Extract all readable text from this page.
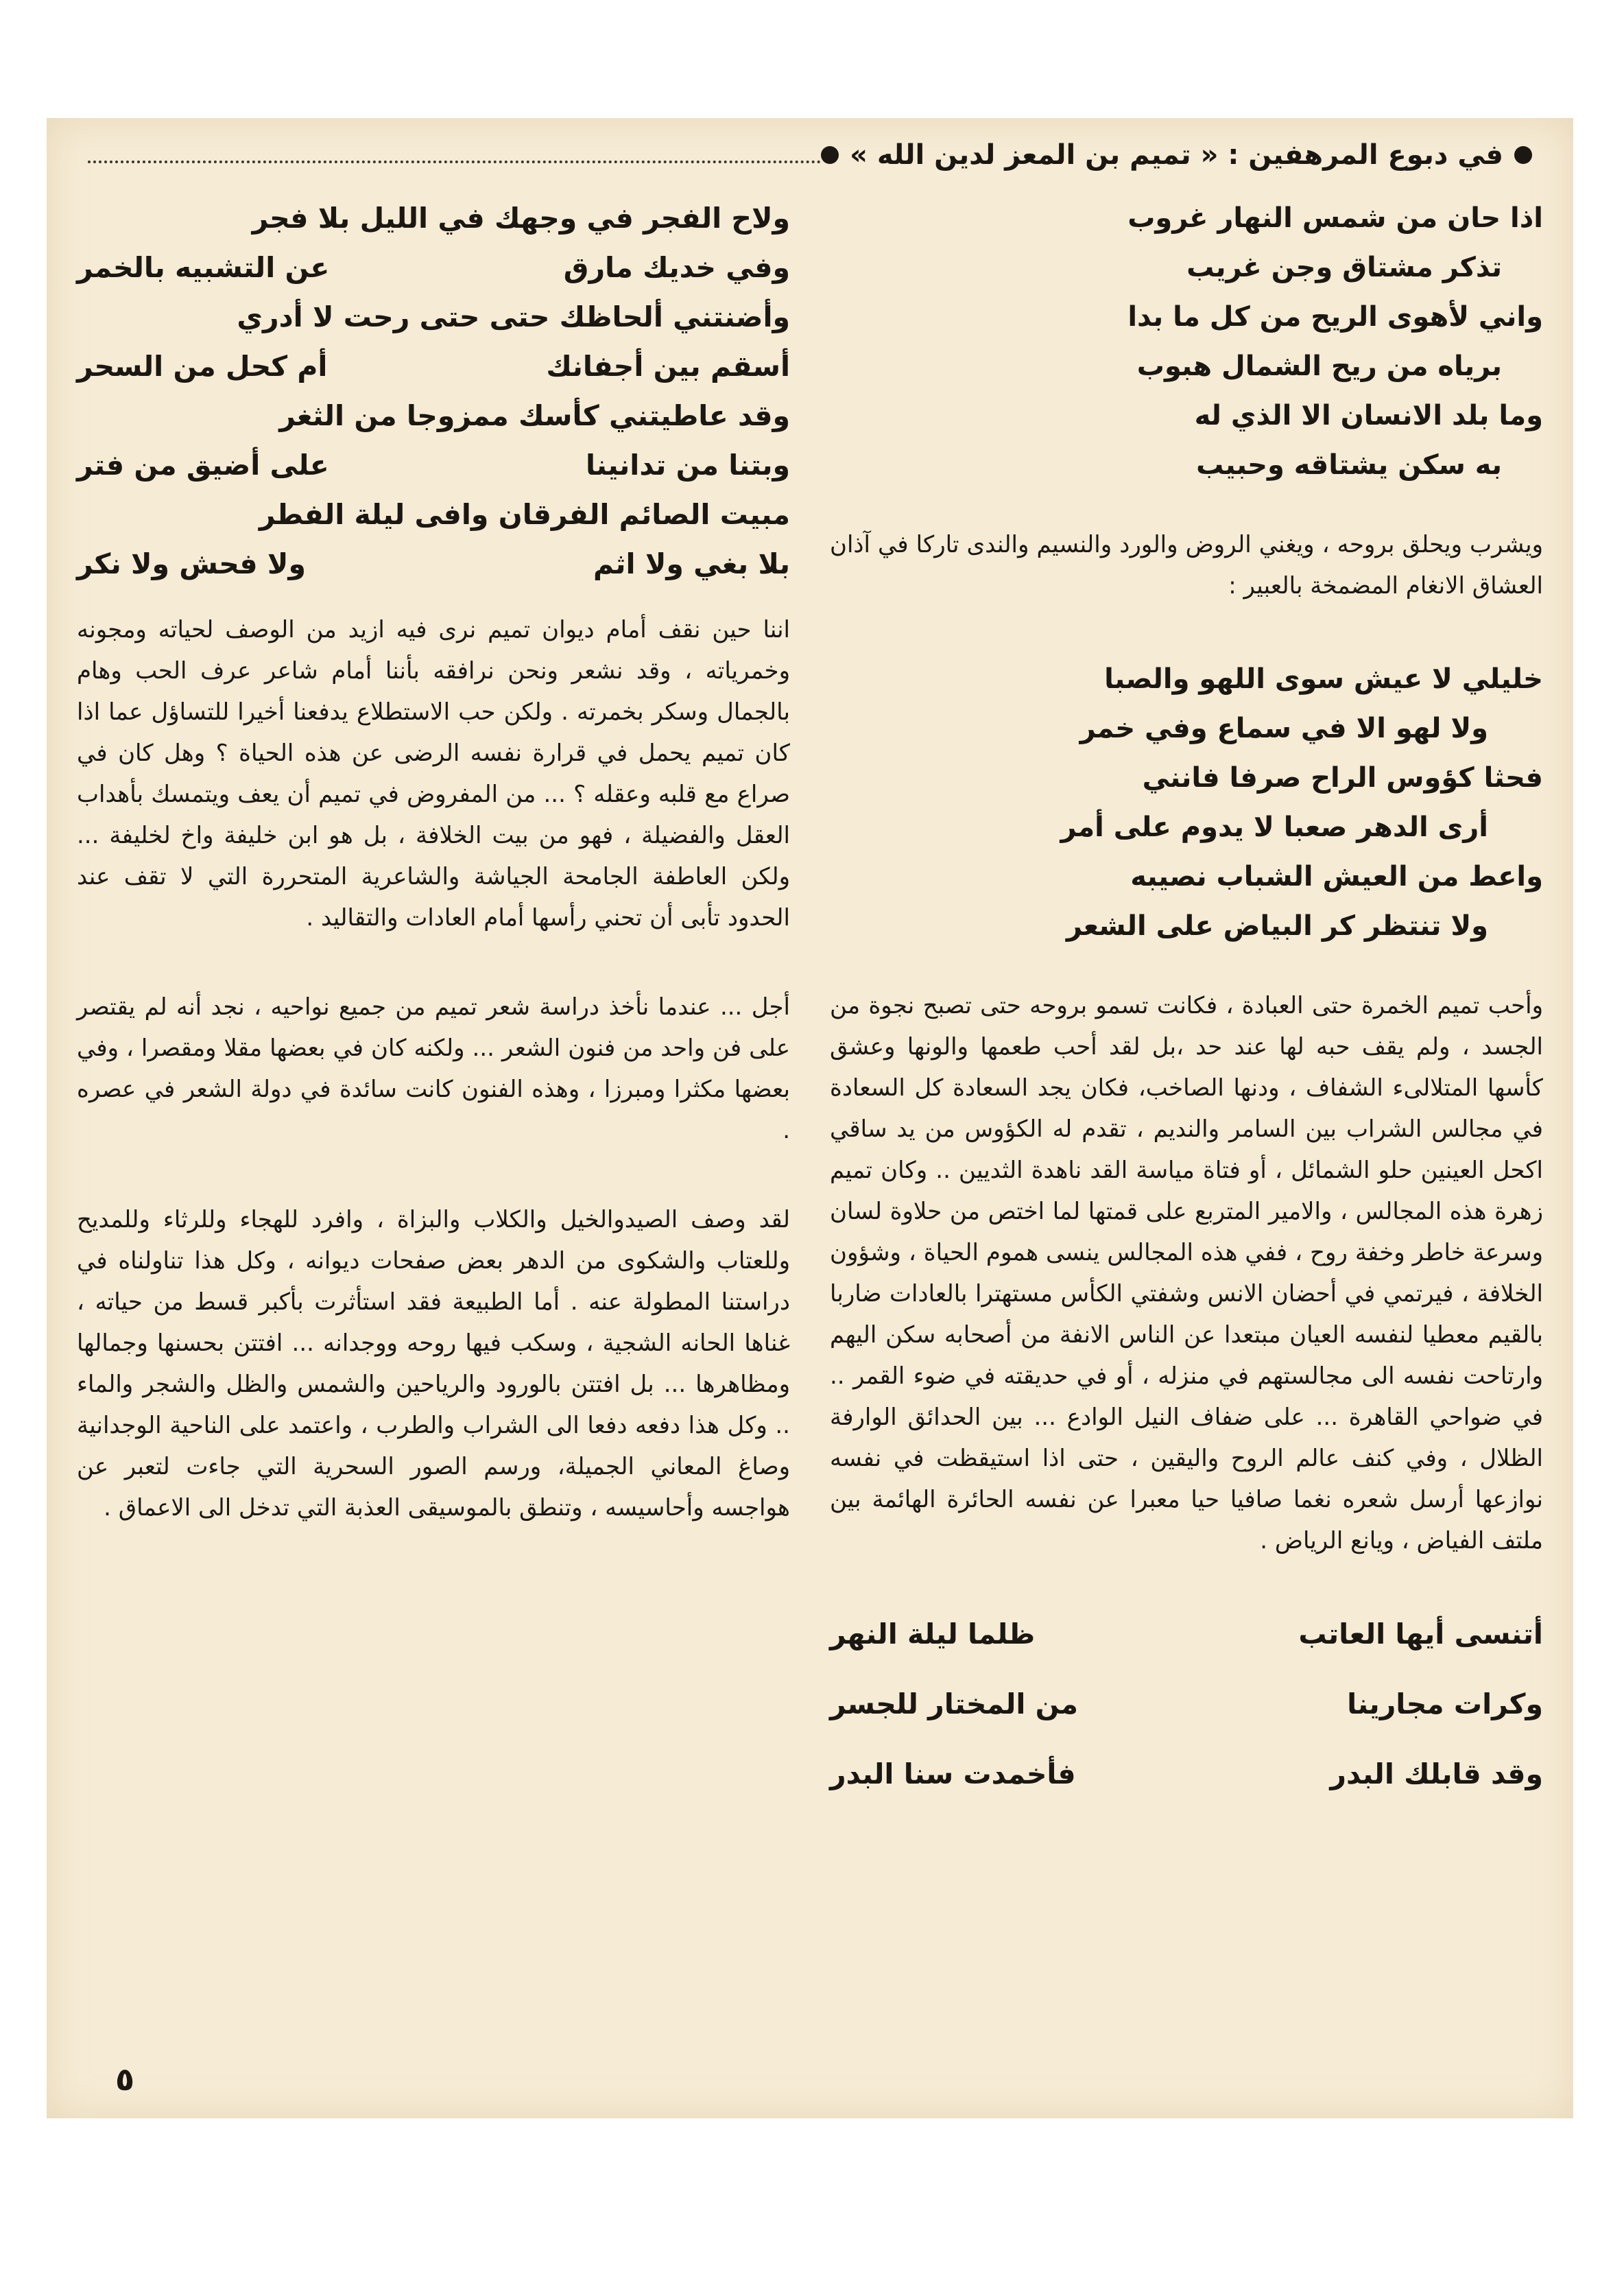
في دبوع المرهفين : « تميم بن المعز لدين الله »
اذا حان من شمس النهار غروب
تذكر مشتاق وجن غريب
واني لأهوى الريح من كل ما بدا
برياه من ريح الشمال هبوب
وما بلد الانسان الا الذي له
به سكن يشتاقه وحبيب

ويشرب ويحلق بروحه ، ويغني الروض والورد والنسيم والندى تاركا في آذان العشاق الانغام المضمخة بالعبير :

خليلي لا عيش سوى اللهو والصبا
ولا لهو الا في سماع وفي خمر
فحثا كؤوس الراح صرفا فانني
أرى الدهر صعبا لا يدوم على أمر
واعط من العيش الشباب نصيبه
ولا تنتظر كر البياض على الشعر

وأحب تميم الخمرة حتى العبادة ، فكانت تسمو بروحه حتى تصبح نجوة من الجسد ، ولم يقف حبه لها عند حد ،بل لقد أحب طعمها والونها وعشق كأسها المتلالىء الشفاف ، ودنها الصاخب، فكان يجد السعادة كل السعادة في مجالس الشراب بين السامر والنديم ، تقدم له الكؤوس من يد ساقي اكحل العينين حلو الشمائل ، أو فتاة مياسة القد ناهدة الثديين .. وكان تميم زهرة هذه المجالس ، والامير المتربع على قمتها لما اختص من حلاوة لسان وسرعة خاطر وخفة روح ، ففي هذه المجالس ينسى هموم الحياة ، وشؤون الخلافة ، فيرتمي في أحضان الانس وشفتي الكأس مستهترا بالعادات ضاربا بالقيم معطيا لنفسه العيان مبتعدا عن الناس الانفة من أصحابه سكن اليهم وارتاحت نفسه الى مجالستهم في منزله ، أو في حديقته في ضوء القمر .. في ضواحي القاهرة ... على ضفاف النيل الوادع ... بين الحدائق الوارفة الظلال ، وفي كنف عالم الروح واليقين ، حتى اذا استيقظت في نفسه نوازعها أرسل شعره نغما صافيا حيا معبرا عن نفسه الحائرة الهائمة بين ملتف الفياض ، ويانع الرياض .

أتنسى أيها العاتب
ظلما ليلة النهر
وكرات مجارينا
من المختار للجسر
وقد قابلك البدر
فأخمدت سنا البدر
ولاح الفجر في وجهك في الليل بلا فجر
وفي خديك مارق
عن التشبيه بالخمر
وأضنتني ألحاظك حتى حتى رحت لا أدري
أسقم بين أجفانك
أم كحل من السحر
وقد عاطيتني كأسك ممزوجا من الثغر
وبتنا من تدانينا
على أضيق من فتر
مبيت الصائم الفرقان وافى ليلة الفطر
بلا بغي ولا اثم
ولا فحش ولا نكر

اننا حين نقف أمام ديوان تميم نرى فيه ازيد من الوصف لحياته ومجونه وخمرياته ، وقد نشعر ونحن نرافقه بأننا أمام شاعر عرف الحب وهام بالجمال وسكر بخمرته . ولكن حب الاستطلاع يدفعنا أخيرا للتساؤل عما اذا كان تميم يحمل في قرارة نفسه الرضى عن هذه الحياة ؟ وهل كان في صراع مع قلبه وعقله ؟ ... من المفروض في تميم أن يعف ويتمسك بأهداب العقل والفضيلة ، فهو من بيت الخلافة ، بل هو ابن خليفة واخ لخليفة ... ولكن العاطفة الجامحة الجياشة والشاعرية المتحررة التي لا تقف عند الحدود تأبى أن تحني رأسها أمام العادات والتقاليد .

أجل ... عندما نأخذ دراسة شعر تميم من جميع نواحيه ، نجد أنه لم يقتصر على فن واحد من فنون الشعر ... ولكنه كان في بعضها مقلا ومقصرا ، وفي بعضها مكثرا ومبرزا ، وهذه الفنون كانت سائدة في دولة الشعر في عصره .

لقد وصف الصيدوالخيل والكلاب والبزاة ، وافرد للهجاء وللرثاء وللمديح وللعتاب والشكوى من الدهر بعض صفحات ديوانه ، وكل هذا تناولناه في دراستنا المطولة عنه . أما الطبيعة فقد استأثرت بأكبر قسط من حياته ، غناها الحانه الشجية ، وسكب فيها روحه ووجدانه ... افتتن بحسنها وجمالها ومظاهرها ... بل افتتن بالورود والرياحين والشمس والظل والشجر والماء .. وكل هذا دفعه دفعا الى الشراب والطرب ، واعتمد على الناحية الوجدانية وصاغ المعاني الجميلة، ورسم الصور السحرية التي جاءت لتعبر عن هواجسه وأحاسيسه ، وتنطق بالموسيقى العذبة التي تدخل الى الاعماق .

٥
